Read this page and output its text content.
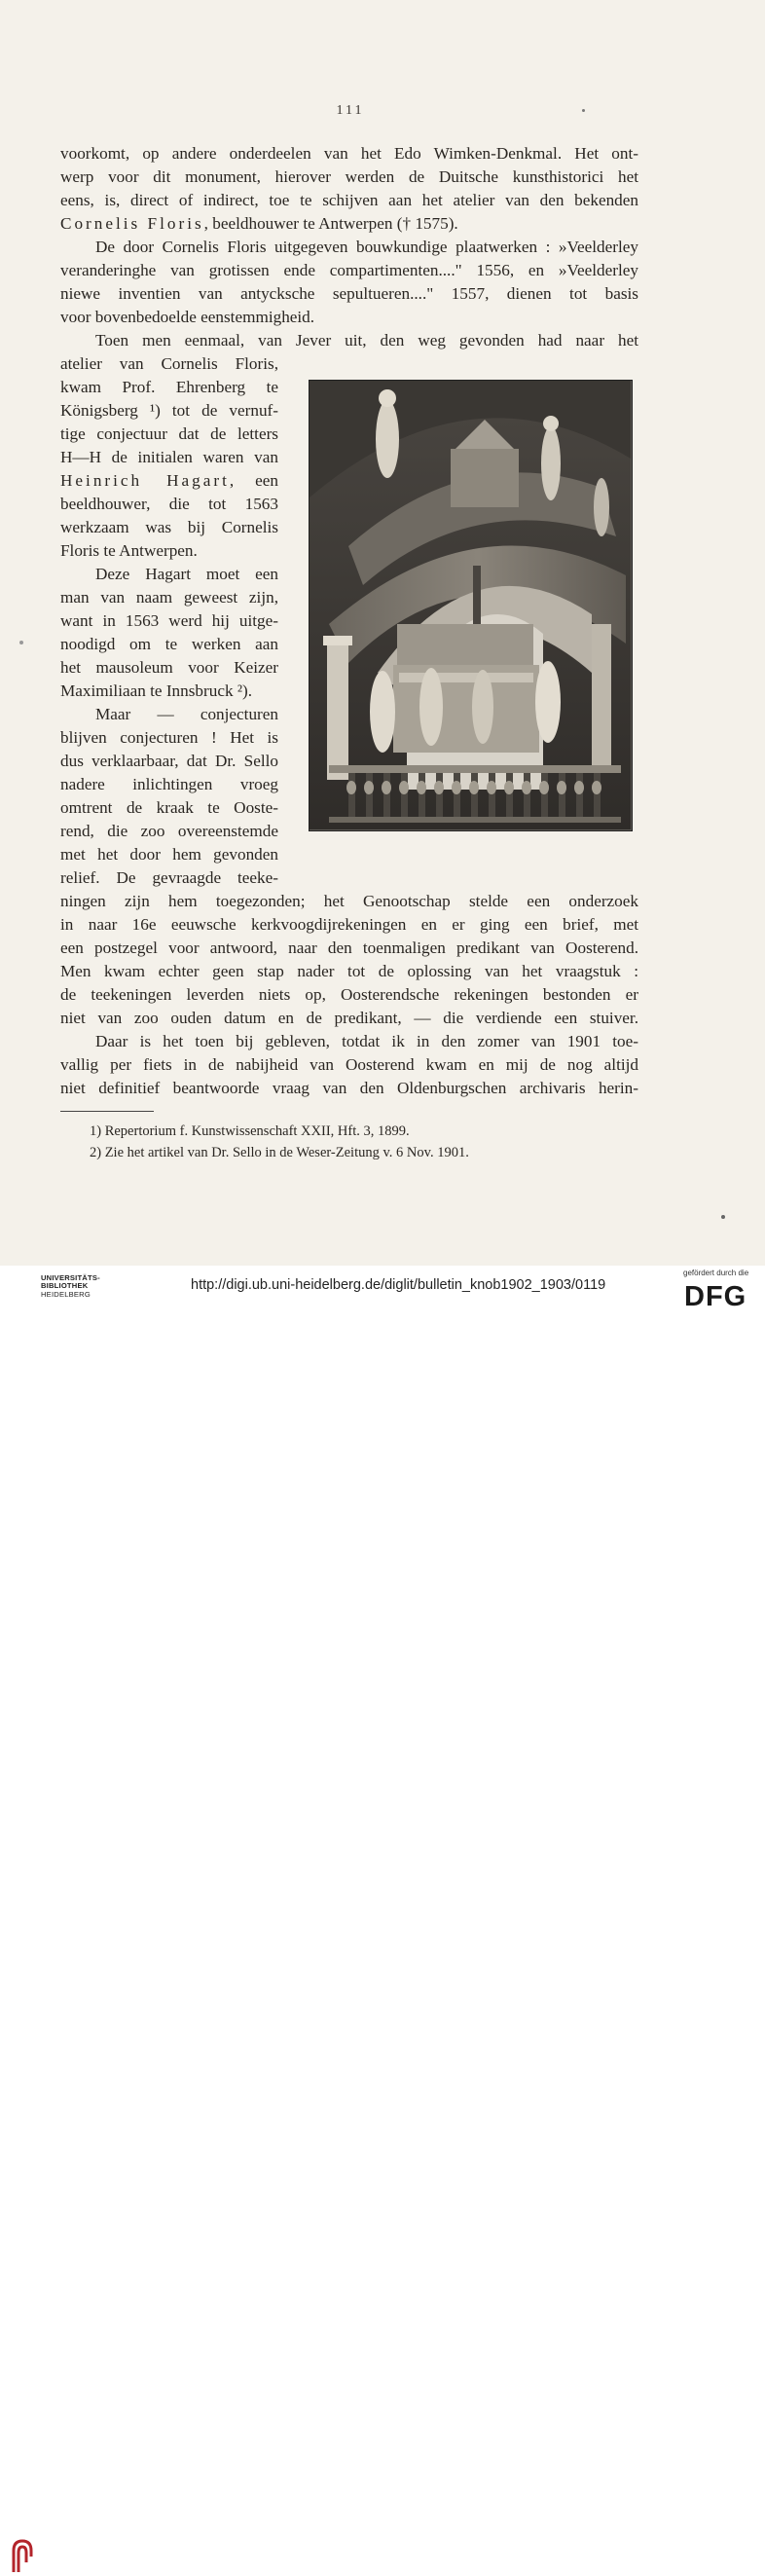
111
voorkomt, op andere onderdeelen van het Edo Wimken-Denkmal. Het ont-
werp voor dit monument, hierover werden de Duitsche kunsthistorici het
eens, is, direct of indirect, toe te schijven aan het atelier van den bekenden
Cornelis Floris, beeldhouwer te Antwerpen († 1575).
De door Cornelis Floris uitgegeven bouwkundige plaatwerken : »Veelderley
veranderinghe van grotissen ende compartimenten...." 1556, en »Veelderley
niewe inventien van antycksche sepultueren...." 1557, dienen tot basis
voor bovenbedoelde eenstemmigheid.
Toen men eenmaal, van Jever uit, den weg gevonden had naar het
atelier van Cornelis Floris,
kwam Prof. Ehrenberg te
Königsberg ¹) tot de vernuf-
tige conjectuur dat de letters
H—H de initialen waren van
Heinrich Hagart, een
beeldhouwer, die tot 1563
werkzaam was bij Cornelis
Floris te Antwerpen.
Deze Hagart moet een
man van naam geweest zijn,
want in 1563 werd hij uitge-
noodigd om te werken aan
het mausoleum voor Keizer
Maximiliaan te Innsbruck ²).
Maar — conjecturen
blijven conjecturen ! Het is
dus verklaarbaar, dat Dr. Sello
nadere inlichtingen vroeg
omtrent de kraak te Ooste-
rend, die zoo overeenstemde
met het door hem gevonden
relief. De gevraagde teeke-
ningen zijn hem toegezonden; het Genootschap stelde een onderzoek
in naar 16e eeuwsche kerkvoogdijrekeningen en er ging een brief, met
een postzegel voor antwoord, naar den toenmaligen predikant van Oosterend.
Men kwam echter geen stap nader tot de oplossing van het vraagstuk :
de teekeningen leverden niets op, Oosterendsche rekeningen bestonden er
niet van zoo ouden datum en de predikant, — die verdiende een stuiver.
Daar is het toen bij gebleven, totdat ik in den zomer van 1901 toe-
vallig per fiets in de nabijheid van Oosterend kwam en mij de nog altijd
niet definitief beantwoorde vraag van den Oldenburgschen archivaris herin-
1) Repertorium f. Kunstwissenschaft XXII, Hft. 3, 1899.
2) Zie het artikel van Dr. Sello in de Weser-Zeitung v. 6 Nov. 1901.
UNIVERSITÄTS-
BIBLIOTHEK
HEIDELBERG
http://digi.ub.uni-heidelberg.de/diglit/bulletin_knob1902_1903/0119
gefördert durch die
DFG
